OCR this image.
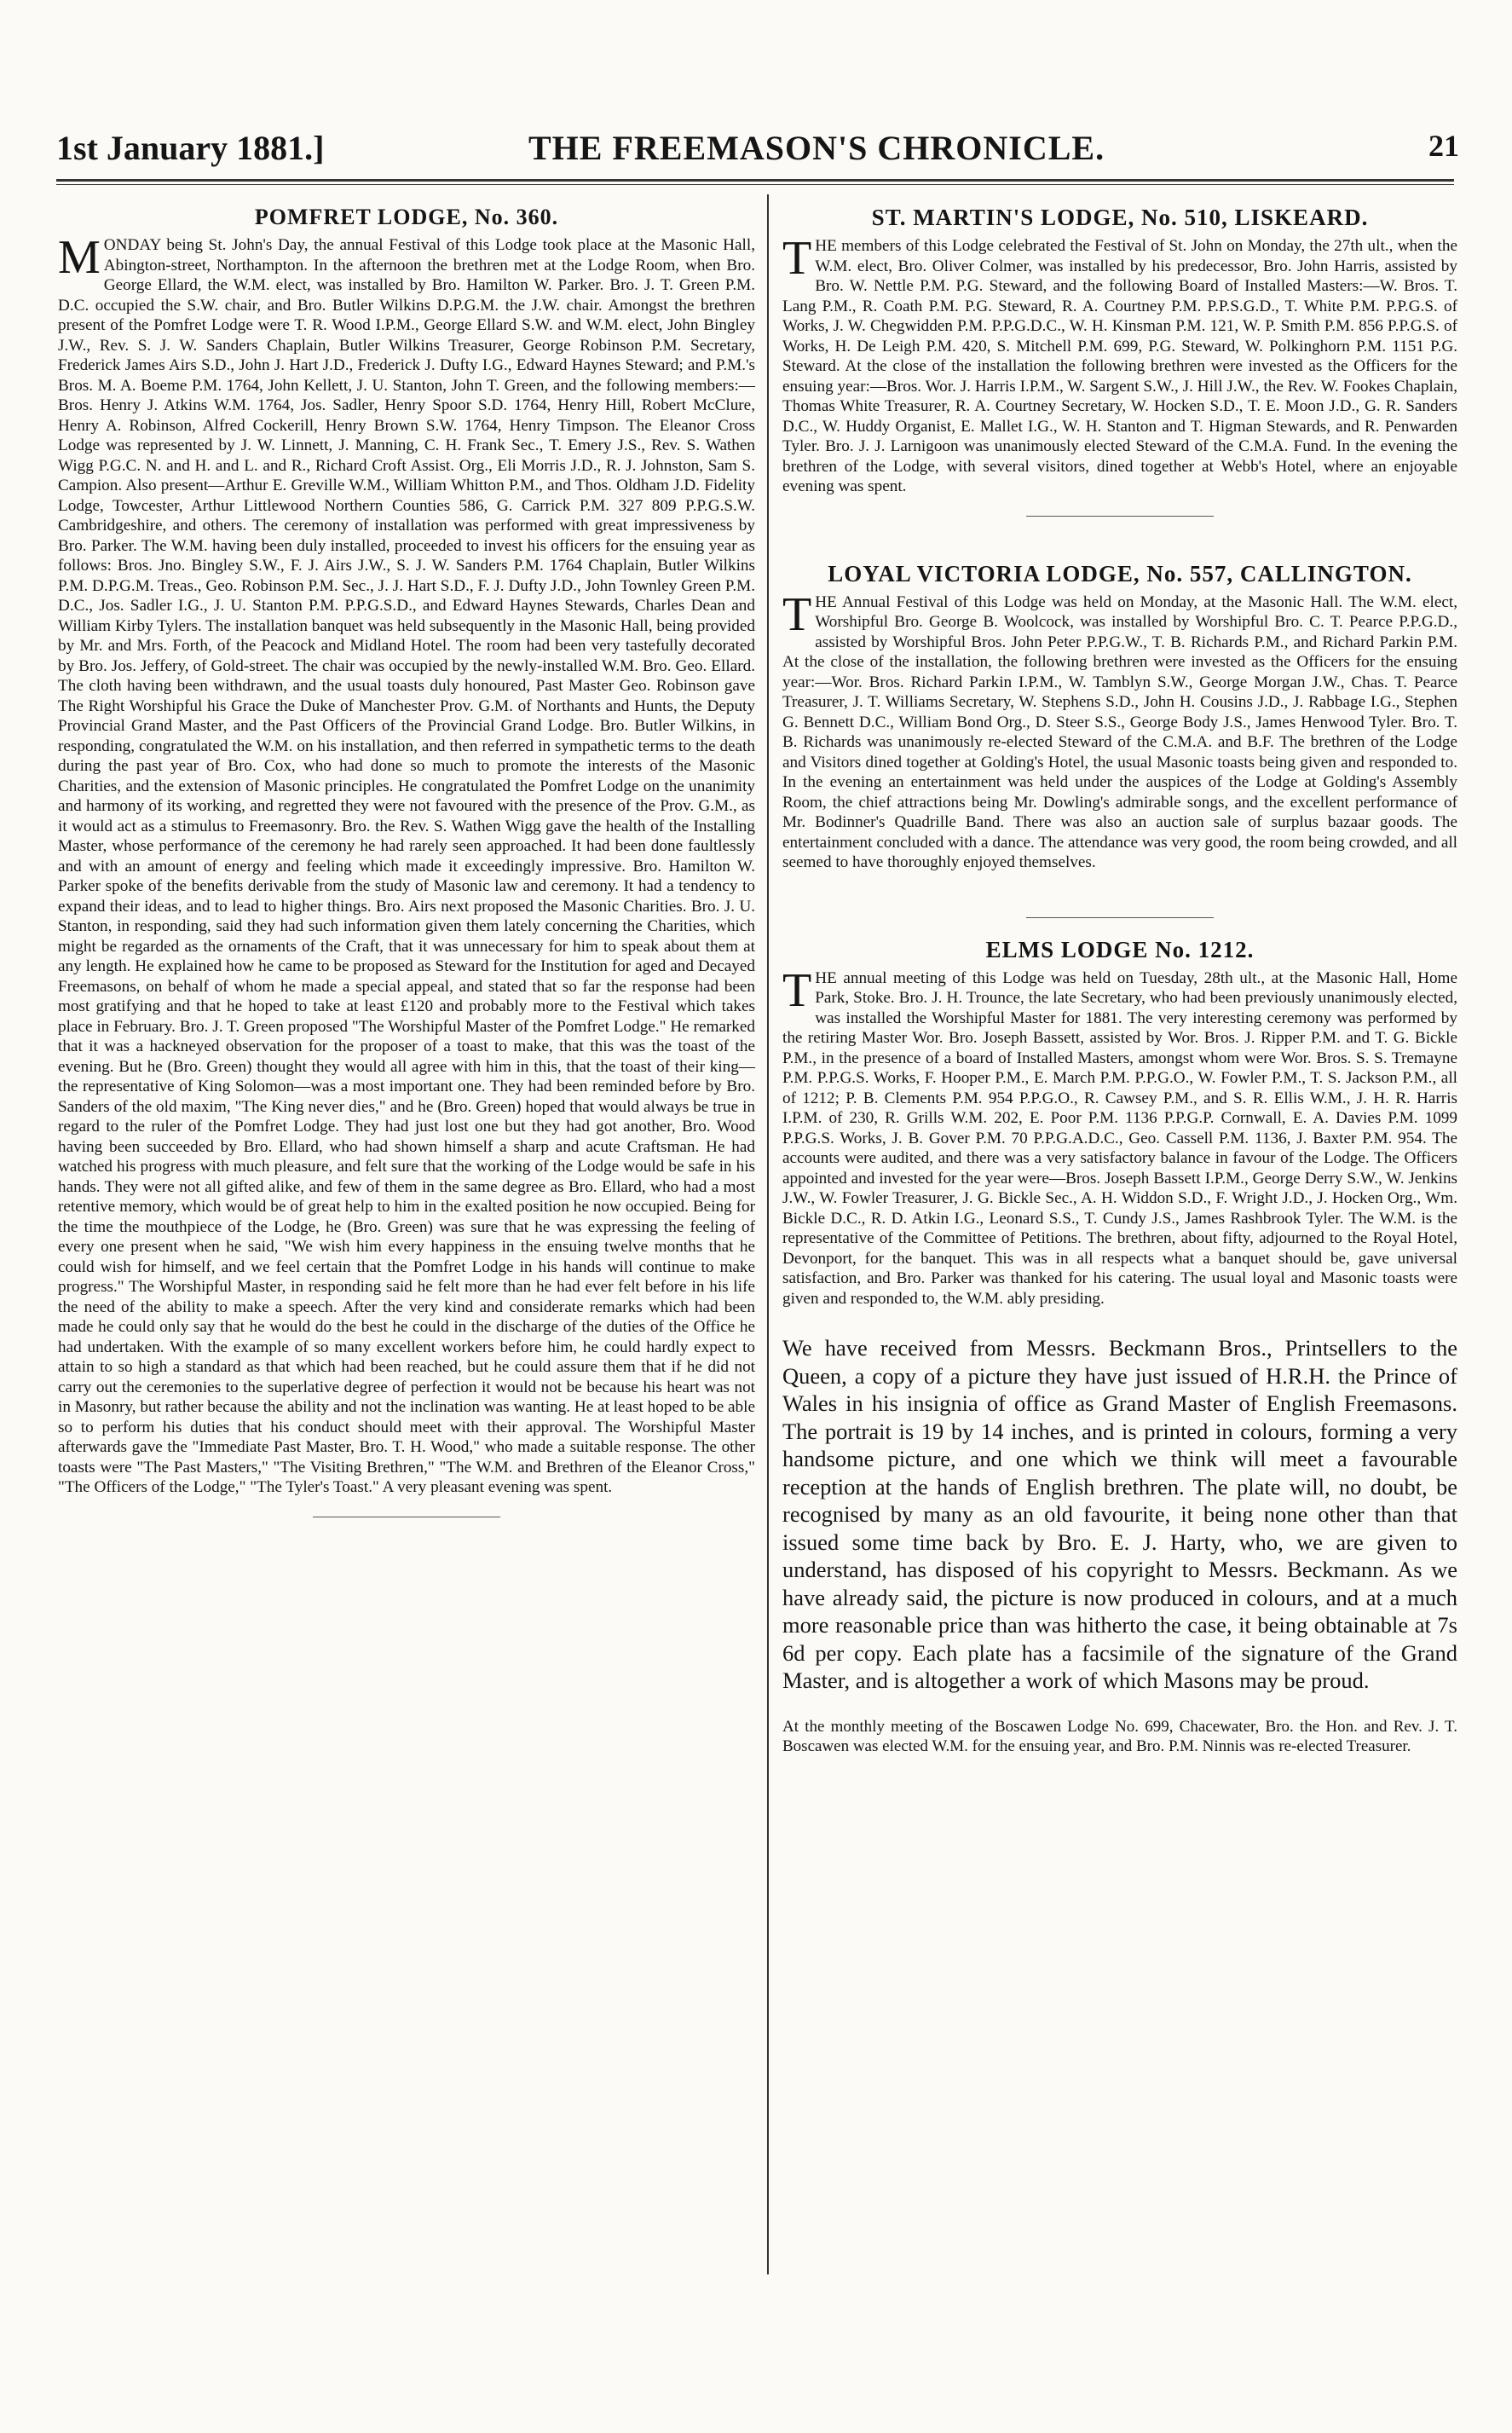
1st January 1881.]	THE FREEMASON'S CHRONICLE.	21
POMFRET LODGE, No. 360.

MONDAY being St. John's Day, the annual Festival of this Lodge took place at the Masonic Hall, Abington-street, Northampton. In the afternoon the brethren met at the Lodge Room, when Bro. George Ellard, the W.M. elect, was installed by Bro. Hamilton W. Parker. Bro. J. T. Green P.M. D.C. occupied the S.W. chair, and Bro. Butler Wilkins D.P.G.M. the J.W. chair. Amongst the brethren present of the Pomfret Lodge were T. R. Wood I.P.M., George Ellard S.W. and W.M. elect, John Bingley J.W., Rev. S. J. W. Sanders Chaplain, Butler Wilkins Treasurer, George Robinson P.M. Secretary, Frederick James Airs S.D., John J. Hart J.D., Frederick J. Dufty I.G., Edward Haynes Steward; and P.M.'s Bros. M. A. Boeme P.M. 1764, John Kellett, J. U. Stanton, John T. Green, and the following members:—Bros. Henry J. Atkins W.M. 1764, Jos. Sadler, Henry Spoor S.D. 1764, Henry Hill, Robert McClure, Henry A. Robinson, Alfred Cockerill, Henry Brown S.W. 1764, Henry Timpson. The Eleanor Cross Lodge was represented by J. W. Linnett, J. Manning, C. H. Frank Sec., T. Emery J.S., Rev. S. Wathen Wigg P.G.C. N. and H. and L. and R., Richard Croft Assist. Org., Eli Morris J.D., R. J. Johnston, Sam S. Campion. Also present—Arthur E. Greville W.M., William Whitton P.M., and Thos. Oldham J.D. Fidelity Lodge, Towcester, Arthur Littlewood Northern Counties 586, G. Carrick P.M. 327 809 P.P.G.S.W. Cambridgeshire, and others. The ceremony of installation was performed with great impressiveness by Bro. Parker. The W.M. having been duly installed, proceeded to invest his officers for the ensuing year as follows: Bros. Jno. Bingley S.W., F. J. Airs J.W., S. J. W. Sanders P.M. 1764 Chaplain, Butler Wilkins P.M. D.P.G.M. Treas., Geo. Robinson P.M. Sec., J. J. Hart S.D., F. J. Dufty J.D., John Townley Green P.M. D.C., Jos. Sadler I.G., J. U. Stanton P.M. P.P.G.S.D., and Edward Haynes Stewards, Charles Dean and William Kirby Tylers. The installation banquet was held subsequently in the Masonic Hall, being provided by Mr. and Mrs. Forth, of the Peacock and Midland Hotel. The room had been very tastefully decorated by Bro. Jos. Jeffery, of Gold-street. The chair was occupied by the newly-installed W.M. Bro. Geo. Ellard. The cloth having been withdrawn, and the usual toasts duly honoured, Past Master Geo. Robinson gave The Right Worshipful his Grace the Duke of Manchester Prov. G.M. of Northants and Hunts, the Deputy Provincial Grand Master, and the Past Officers of the Provincial Grand Lodge. Bro. Butler Wilkins, in responding, congratulated the W.M. on his installation, and then referred in sympathetic terms to the death during the past year of Bro. Cox, who had done so much to promote the interests of the Masonic Charities, and the extension of Masonic principles. He congratulated the Pomfret Lodge on the unanimity and harmony of its working, and regretted they were not favoured with the presence of the Prov. G.M., as it would act as a stimulus to Freemasonry. Bro. the Rev. S. Wathen Wigg gave the health of the Installing Master, whose performance of the ceremony he had rarely seen approached. It had been done faultlessly and with an amount of energy and feeling which made it exceedingly impressive. Bro. Hamilton W. Parker spoke of the benefits derivable from the study of Masonic law and ceremony. It had a tendency to expand their ideas, and to lead to higher things. Bro. Airs next proposed the Masonic Charities. Bro. J. U. Stanton, in responding, said they had such information given them lately concerning the Charities, which might be regarded as the ornaments of the Craft, that it was unnecessary for him to speak about them at any length. He explained how he came to be proposed as Steward for the Institution for aged and Decayed Freemasons, on behalf of whom he made a special appeal, and stated that so far the response had been most gratifying and that he hoped to take at least £120 and probably more to the Festival which takes place in February. Bro. J. T. Green proposed "The Worshipful Master of the Pomfret Lodge." He remarked that it was a hackneyed observation for the proposer of a toast to make, that this was the toast of the evening. But he (Bro. Green) thought they would all agree with him in this, that the toast of their king—the representative of King Solomon—was a most important one. They had been reminded before by Bro. Sanders of the old maxim, "The King never dies," and he (Bro. Green) hoped that would always be true in regard to the ruler of the Pomfret Lodge. They had just lost one but they had got another, Bro. Wood having been succeeded by Bro. Ellard, who had shown himself a sharp and acute Craftsman. He had watched his progress with much pleasure, and felt sure that the working of the Lodge would be safe in his hands. They were not all gifted alike, and few of them in the same degree as Bro. Ellard, who had a most retentive memory, which would be of great help to him in the exalted position he now occupied. Being for the time the mouthpiece of the Lodge, he (Bro. Green) was sure that he was expressing the feeling of every one present when he said, "We wish him every happiness in the ensuing twelve months that he could wish for himself, and we feel certain that the Pomfret Lodge in his hands will continue to make progress." The Worshipful Master, in responding said he felt more than he had ever felt before in his life the need of the ability to make a speech. After the very kind and considerate remarks which had been made he could only say that he would do the best he could in the discharge of the duties of the Office he had undertaken. With the example of so many excellent workers before him, he could hardly expect to attain to so high a standard as that which had been reached, but he could assure them that if he did not carry out the ceremonies to the superlative degree of perfection it would not be because his heart was not in Masonry, but rather because the ability and not the inclination was wanting. He at least hoped to be able so to perform his duties that his conduct should meet with their approval. The Worshipful Master afterwards gave the "Immediate Past Master, Bro. T. H. Wood," who made a suitable response. The other toasts were "The Past Masters," "The Visiting Brethren," "The W.M. and Brethren of the Eleanor Cross," "The Officers of the Lodge," "The Tyler's Toast." A very pleasant evening was spent.

ST. MARTIN'S LODGE, No. 510, LISKEARD.

THE members of this Lodge celebrated the Festival of St. John on Monday, the 27th ult., when the W.M. elect, Bro. Oliver Colmer, was installed by his predecessor, Bro. John Harris, assisted by Bro. W. Nettle P.M. P.G. Steward, and the following Board of Installed Masters:—W. Bros. T. Lang P.M., R. Coath P.M. P.G. Steward, R. A. Courtney P.M. P.P.S.G.D., T. White P.M. P.P.G.S. of Works, J. W. Chegwidden P.M. P.P.G.D.C., W. H. Kinsman P.M. 121, W. P. Smith P.M. 856 P.P.G.S. of Works, H. De Leigh P.M. 420, S. Mitchell P.M. 699, P.G. Steward, W. Polkinghorn P.M. 1151 P.G. Steward. At the close of the installation the following brethren were invested as the Officers for the ensuing year:—Bros. Wor. J. Harris I.P.M., W. Sargent S.W., J. Hill J.W., the Rev. W. Fookes Chaplain, Thomas White Treasurer, R. A. Courtney Secretary, W. Hocken S.D., T. E. Moon J.D., G. R. Sanders D.C., W. Huddy Organist, E. Mallet I.G., W. H. Stanton and T. Higman Stewards, and R. Penwarden Tyler. Bro. J. J. Larnigoon was unanimously elected Steward of the C.M.A. Fund. In the evening the brethren of the Lodge, with several visitors, dined together at Webb's Hotel, where an enjoyable evening was spent.

LOYAL VICTORIA LODGE, No. 557, CALLINGTON.

THE Annual Festival of this Lodge was held on Monday, at the Masonic Hall. The W.M. elect, Worshipful Bro. George B. Woolcock, was installed by Worshipful Bro. C. T. Pearce P.P.G.D., assisted by Worshipful Bros. John Peter P.P.G.W., T. B. Richards P.M., and Richard Parkin P.M. At the close of the installation, the following brethren were invested as the Officers for the ensuing year:—Wor. Bros. Richard Parkin I.P.M., W. Tamblyn S.W., George Morgan J.W., Chas. T. Pearce Treasurer, J. T. Williams Secretary, W. Stephens S.D., John H. Cousins J.D., J. Rabbage I.G., Stephen G. Bennett D.C., William Bond Org., D. Steer S.S., George Body J.S., James Henwood Tyler. Bro. T. B. Richards was unanimously re-elected Steward of the C.M.A. and B.F. The brethren of the Lodge and Visitors dined together at Golding's Hotel, the usual Masonic toasts being given and responded to. In the evening an entertainment was held under the auspices of the Lodge at Golding's Assembly Room, the chief attractions being Mr. Dowling's admirable songs, and the excellent performance of Mr. Bodinner's Quadrille Band. There was also an auction sale of surplus bazaar goods. The entertainment concluded with a dance. The attendance was very good, the room being crowded, and all seemed to have thoroughly enjoyed themselves.

ELMS LODGE No. 1212.

THE annual meeting of this Lodge was held on Tuesday, 28th ult., at the Masonic Hall, Home Park, Stoke. Bro. J. H. Trounce, the late Secretary, who had been previously unanimously elected, was installed the Worshipful Master for 1881. The very interesting ceremony was performed by the retiring Master Wor. Bro. Joseph Bassett, assisted by Wor. Bros. J. Ripper P.M. and T. G. Bickle P.M., in the presence of a board of Installed Masters, amongst whom were Wor. Bros. S. S. Tremayne P.M. P.P.G.S. Works, F. Hooper P.M., E. March P.M. P.P.G.O., W. Fowler P.M., T. S. Jackson P.M., all of 1212; P. B. Clements P.M. 954 P.P.G.O., R. Cawsey P.M., and S. R. Ellis W.M., J. H. R. Harris I.P.M. of 230, R. Grills W.M. 202, E. Poor P.M. 1136 P.P.G.P. Cornwall, E. A. Davies P.M. 1099 P.P.G.S. Works, J. B. Gover P.M. 70 P.P.G.A.D.C., Geo. Cassell P.M. 1136, J. Baxter P.M. 954. The accounts were audited, and there was a very satisfactory balance in favour of the Lodge. The Officers appointed and invested for the year were—Bros. Joseph Bassett I.P.M., George Derry S.W., W. Jenkins J.W., W. Fowler Treasurer, J. G. Bickle Sec., A. H. Widdon S.D., F. Wright J.D., J. Hocken Org., Wm. Bickle D.C., R. D. Atkin I.G., Leonard S.S., T. Cundy J.S., James Rashbrook Tyler. The W.M. is the representative of the Committee of Petitions. The brethren, about fifty, adjourned to the Royal Hotel, Devonport, for the banquet. This was in all respects what a banquet should be, gave universal satisfaction, and Bro. Parker was thanked for his catering. The usual loyal and Masonic toasts were given and responded to, the W.M. ably presiding.

We have received from Messrs. Beckmann Bros., Printsellers to the Queen, a copy of a picture they have just issued of H.R.H. the Prince of Wales in his insignia of office as Grand Master of English Freemasons. The portrait is 19 by 14 inches, and is printed in colours, forming a very handsome picture, and one which we think will meet a favourable reception at the hands of English brethren. The plate will, no doubt, be recognised by many as an old favourite, it being none other than that issued some time back by Bro. E. J. Harty, who, we are given to understand, has disposed of his copyright to Messrs. Beckmann. As we have already said, the picture is now produced in colours, and at a much more reasonable price than was hitherto the case, it being obtainable at 7s 6d per copy. Each plate has a facsimile of the signature of the Grand Master, and is altogether a work of which Masons may be proud.

At the monthly meeting of the Boscawen Lodge No. 699, Chacewater, Bro. the Hon. and Rev. J. T. Boscawen was elected W.M. for the ensuing year, and Bro. P.M. Ninnis was re-elected Treasurer.
